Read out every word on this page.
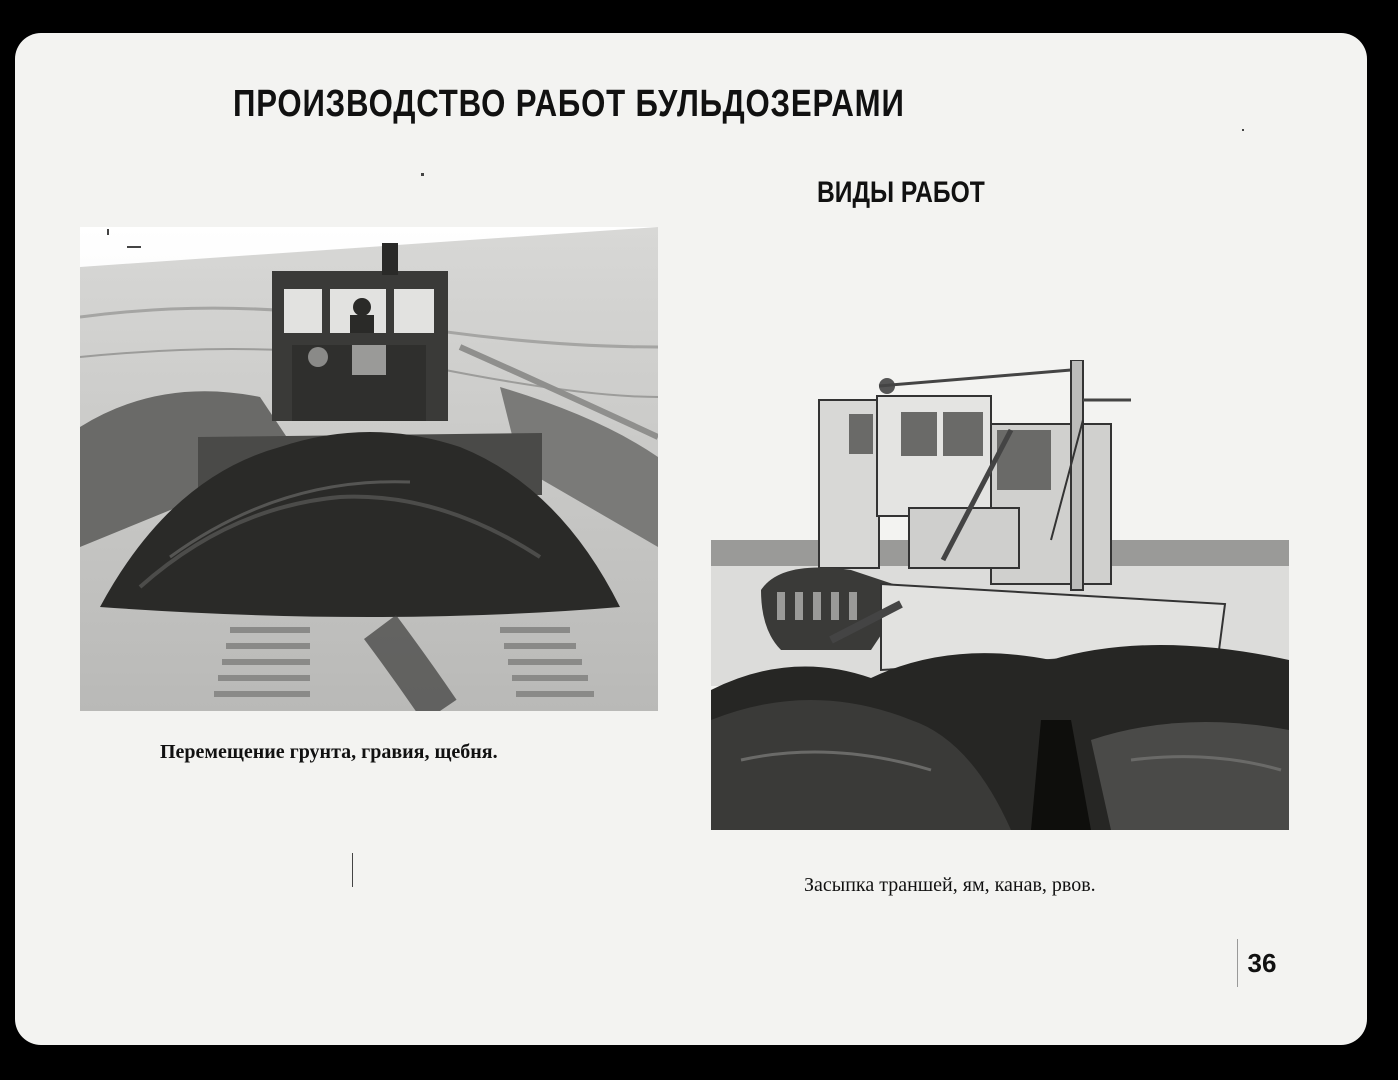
ПРОИЗВОДСТВО РАБОТ БУЛЬДОЗЕРАМИ
ВИДЫ РАБОТ
Перемещение грунта, гравия, щебня.
Засыпка траншей, ям, канав, рвов.
36
